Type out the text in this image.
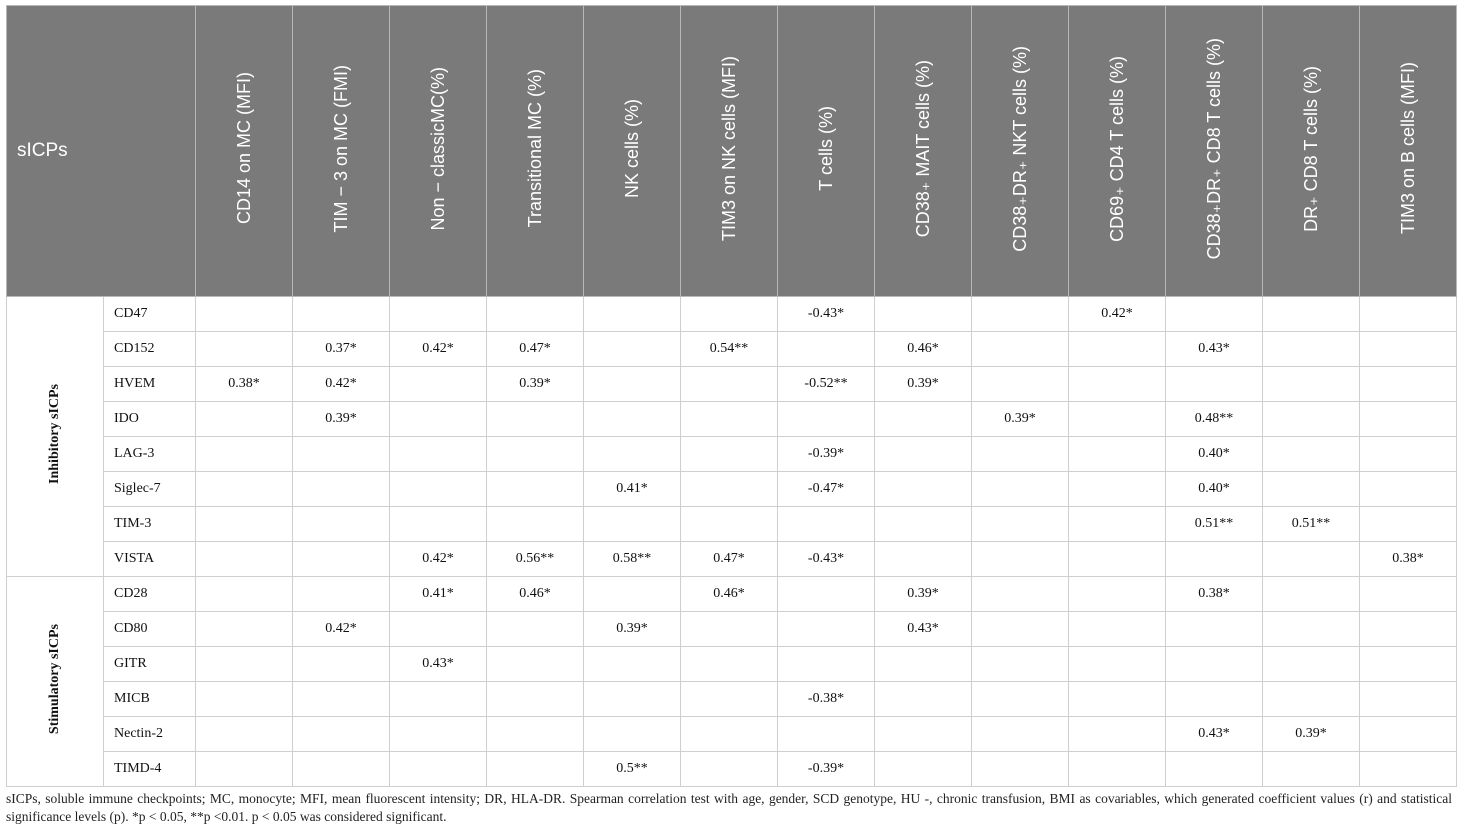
sICPs		CD14 on MC (MFI)	TIM − 3 on MC (FMI)	Non − classicMC(%)	Transitional MC (%)	NK cells (%)	TIM3 on NK cells (MFI)	T cells (%)	CD38₊ MAIT cells (%)	CD38₊DR₊ NKT cells (%)	CD69₊ CD4 T cells (%)	CD38₊DR₊ CD8 T cells (%)	DR₊ CD8 T cells (%)	TIM3 on B cells (MFI)
Inhibitory sICPs	CD47							-0.43*			0.42*			
	CD152		0.37*	0.42*	0.47*		0.54**		0.46*			0.43*		
	HVEM	0.38*	0.42*		0.39*			-0.52**	0.39*					
	IDO		0.39*							0.39*		0.48**		
	LAG-3							-0.39*				0.40*		
	Siglec-7					0.41*		-0.47*				0.40*		
	TIM-3											0.51**	0.51**	
	VISTA			0.42*	0.56**	0.58**	0.47*	-0.43*						0.38*
Stimulatory sICPs	CD28			0.41*	0.46*		0.46*		0.39*			0.38*		
	CD80		0.42*			0.39*			0.43*					
	GITR			0.43*										
	MICB							-0.38*						
	Nectin-2											0.43*	0.39*	
	TIMD-4					0.5**		-0.39*						
sICPs, soluble immune checkpoints; MC, monocyte; MFI, mean fluorescent intensity; DR, HLA-DR. Spearman correlation test with age, gender, SCD genotype, HU -, chronic transfusion, BMI as covariables, which generated coefficient values (r) and statistical significance levels (p). *p < 0.05, **p <0.01. p < 0.05 was considered significant.
